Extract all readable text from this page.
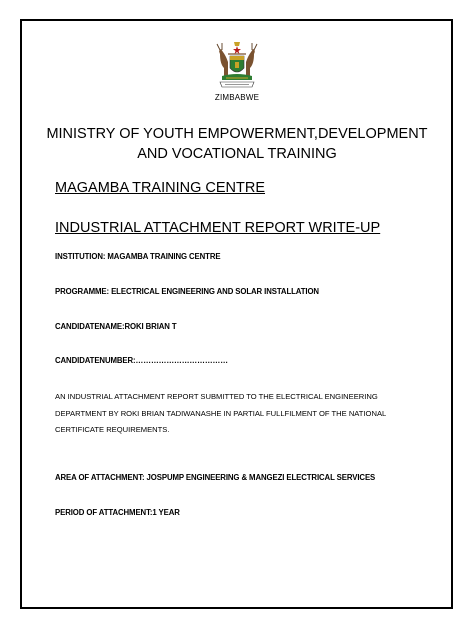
ZIMBABWE
MINISTRY OF YOUTH EMPOWERMENT,DEVELOPMENT
AND VOCATIONAL TRAINING
MAGAMBA TRAINING CENTRE
INDUSTRIAL ATTACHMENT REPORT WRITE-UP
INSTITUTION: MAGAMBA TRAINING CENTRE
PROGRAMME: ELECTRICAL ENGINEERING AND SOLAR INSTALLATION
CANDIDATENAME:ROKI BRIAN T
CANDIDATENUMBER:………………………………
AN INDUSTRIAL ATTACHMENT REPORT SUBMITTED TO THE ELECTRICAL ENGINEERING DEPARTMENT BY ROKI BRIAN TADIWANASHE IN PARTIAL FULLFILMENT OF THE NATIONAL CERTIFICATE REQUIREMENTS.
AREA OF ATTACHMENT: JOSPUMP ENGINEERING & MANGEZI ELECTRICAL SERVICES
PERIOD OF ATTACHMENT:1 YEAR
